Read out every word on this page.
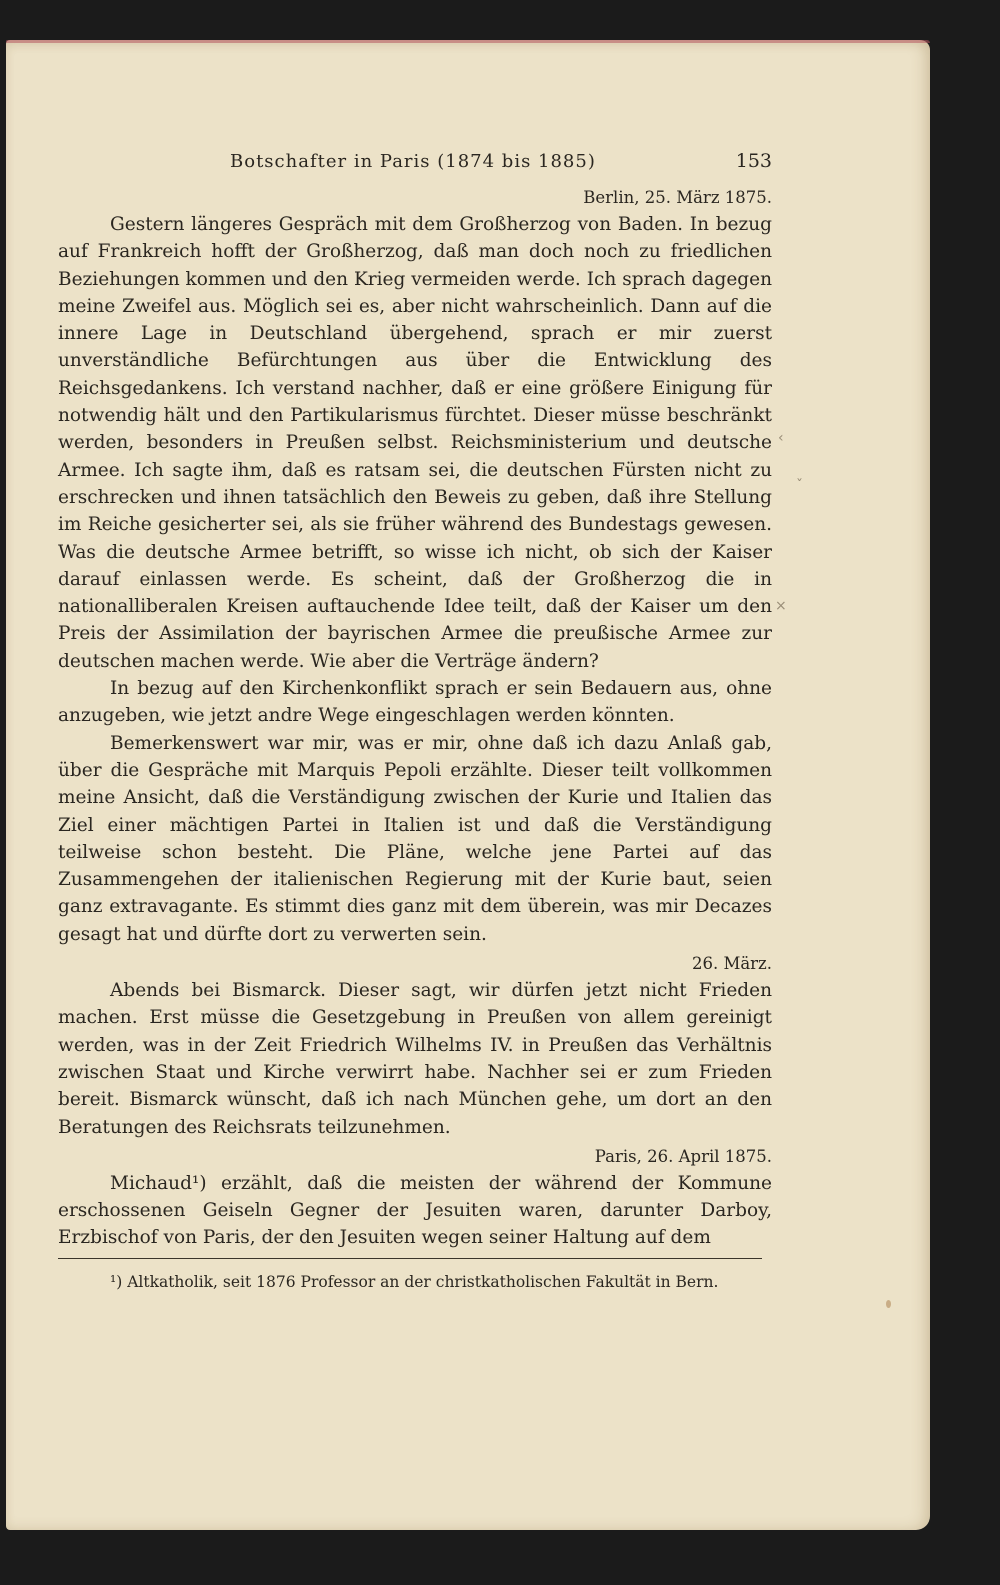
‹
ˇ
×
Botschafter in Paris (1874 bis 1885)	153

Berlin, 25. März 1875.

Gestern längeres Gespräch mit dem Großherzog von Baden. In bezug auf Frankreich hofft der Großherzog, daß man doch noch zu friedlichen Beziehungen kommen und den Krieg vermeiden werde. Ich sprach dagegen meine Zweifel aus. Möglich sei es, aber nicht wahrscheinlich. Dann auf die innere Lage in Deutschland übergehend, sprach er mir zuerst unverständliche Befürchtungen aus über die Entwicklung des Reichsgedankens. Ich verstand nachher, daß er eine größere Einigung für notwendig hält und den Partikularismus fürchtet. Dieser müsse beschränkt werden, besonders in Preußen selbst. Reichsministerium und deutsche Armee. Ich sagte ihm, daß es ratsam sei, die deutschen Fürsten nicht zu erschrecken und ihnen tatsächlich den Beweis zu geben, daß ihre Stellung im Reiche gesicherter sei, als sie früher während des Bundestags gewesen. Was die deutsche Armee betrifft, so wisse ich nicht, ob sich der Kaiser darauf einlassen werde. Es scheint, daß der Großherzog die in nationalliberalen Kreisen auftauchende Idee teilt, daß der Kaiser um den Preis der Assimilation der bayrischen Armee die preußische Armee zur deutschen machen werde. Wie aber die Verträge ändern?

In bezug auf den Kirchenkonflikt sprach er sein Bedauern aus, ohne anzugeben, wie jetzt andre Wege eingeschlagen werden könnten.

Bemerkenswert war mir, was er mir, ohne daß ich dazu Anlaß gab, über die Gespräche mit Marquis Pepoli erzählte. Dieser teilt vollkommen meine Ansicht, daß die Verständigung zwischen der Kurie und Italien das Ziel einer mächtigen Partei in Italien ist und daß die Verständigung teilweise schon besteht. Die Pläne, welche jene Partei auf das Zusammengehen der italienischen Regierung mit der Kurie baut, seien ganz extravagante. Es stimmt dies ganz mit dem überein, was mir Decazes gesagt hat und dürfte dort zu verwerten sein.

26. März.

Abends bei Bismarck. Dieser sagt, wir dürfen jetzt nicht Frieden machen. Erst müsse die Gesetzgebung in Preußen von allem gereinigt werden, was in der Zeit Friedrich Wilhelms IV. in Preußen das Verhältnis zwischen Staat und Kirche verwirrt habe. Nachher sei er zum Frieden bereit. Bismarck wünscht, daß ich nach München gehe, um dort an den Beratungen des Reichsrats teilzunehmen.

Paris, 26. April 1875.

Michaud¹) erzählt, daß die meisten der während der Kommune erschossenen Geiseln Gegner der Jesuiten waren, darunter Darboy, Erzbischof von Paris, der den Jesuiten wegen seiner Haltung auf dem

¹) Altkatholik, seit 1876 Professor an der christkatholischen Fakultät in Bern.
